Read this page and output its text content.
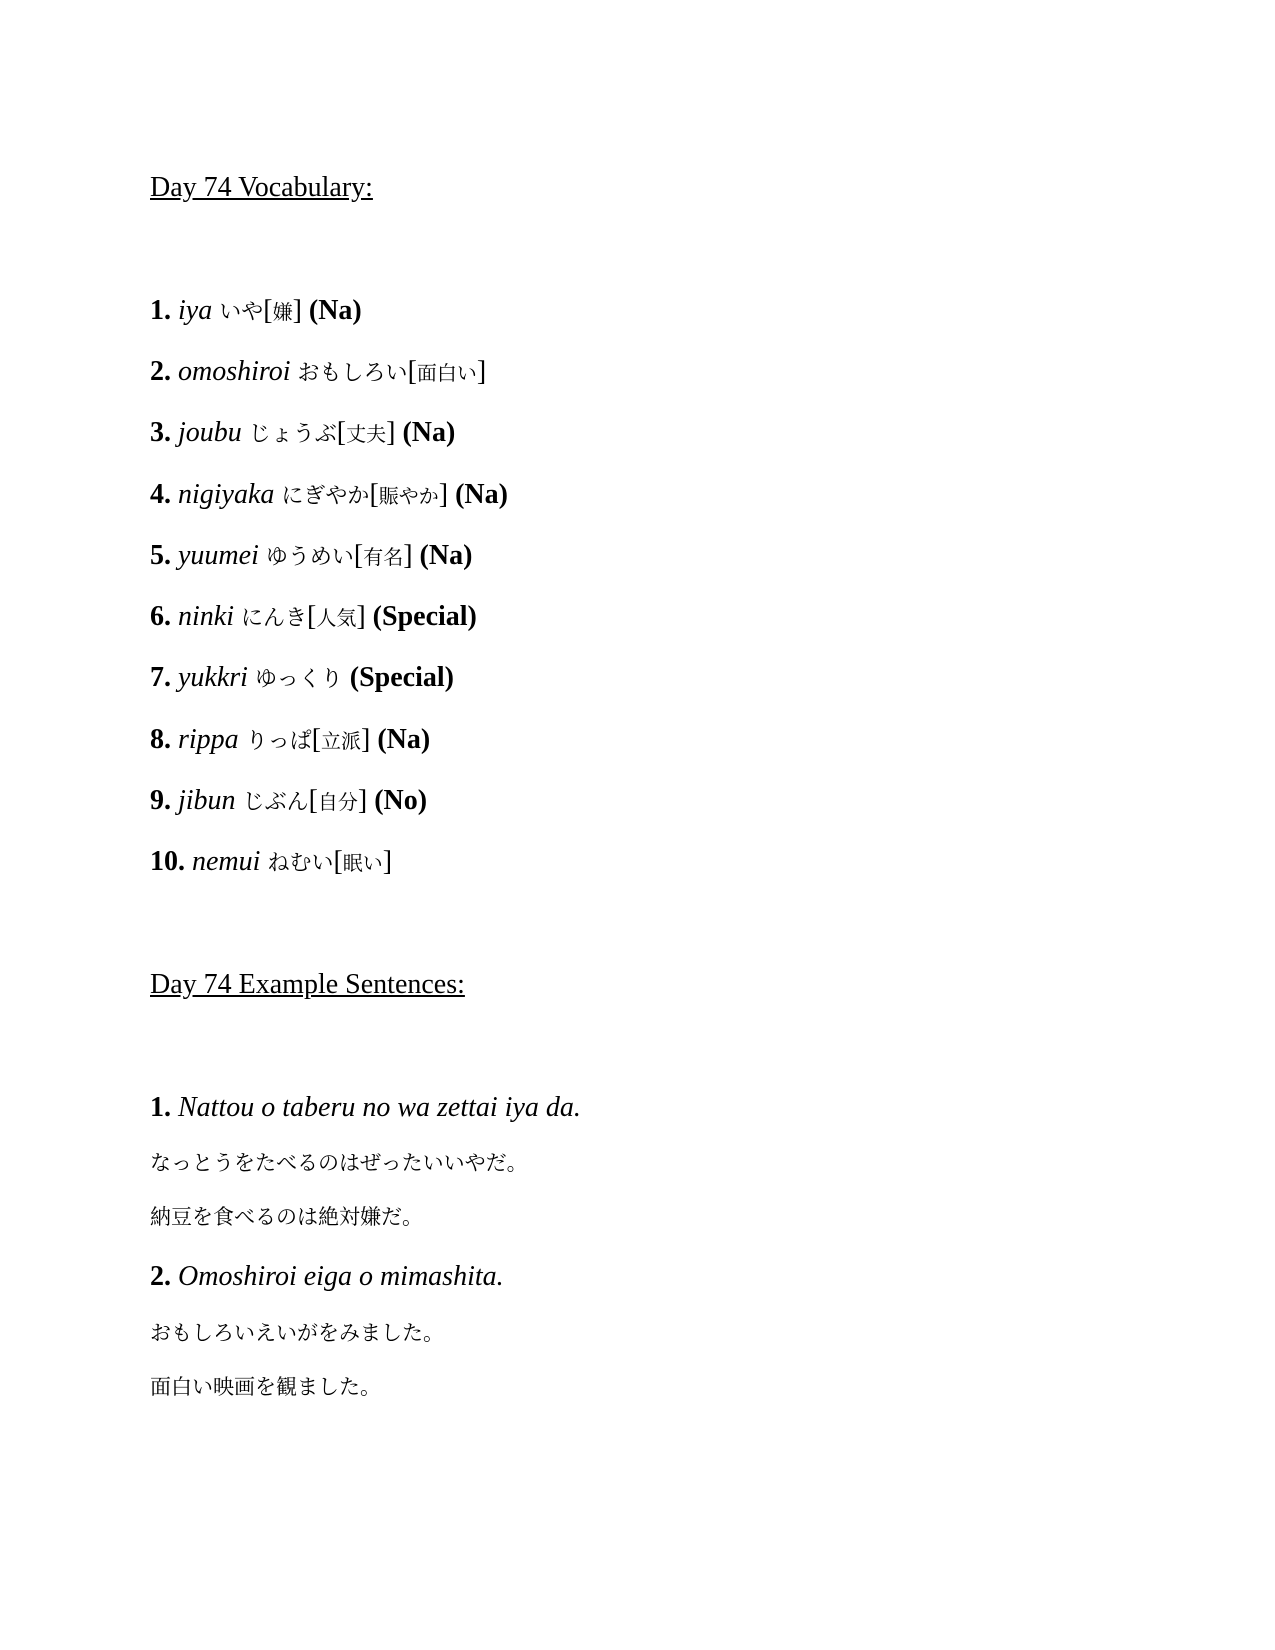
Day 74 Vocabulary:
1. iya いや[嫌] (Na)
2. omoshiroi おもしろい[面白い]
3. joubu じょうぶ[丈夫] (Na)
4. nigiyaka にぎやか[賑やか] (Na)
5. yuumei ゆうめい[有名] (Na)
6. ninki にんき[人気] (Special)
7. yukkri ゆっくり (Special)
8. rippa りっぱ[立派] (Na)
9. jibun じぶん[自分] (No)
10. nemui ねむい[眠い]
Day 74 Example Sentences:
1. Nattou o taberu no wa zettai iya da.
なっとうをたべるのはぜったいいやだ。
納豆を食べるのは絶対嫌だ。
2. Omoshiroi eiga o mimashita.
おもしろいえいがをみました。
面白い映画を観ました。
